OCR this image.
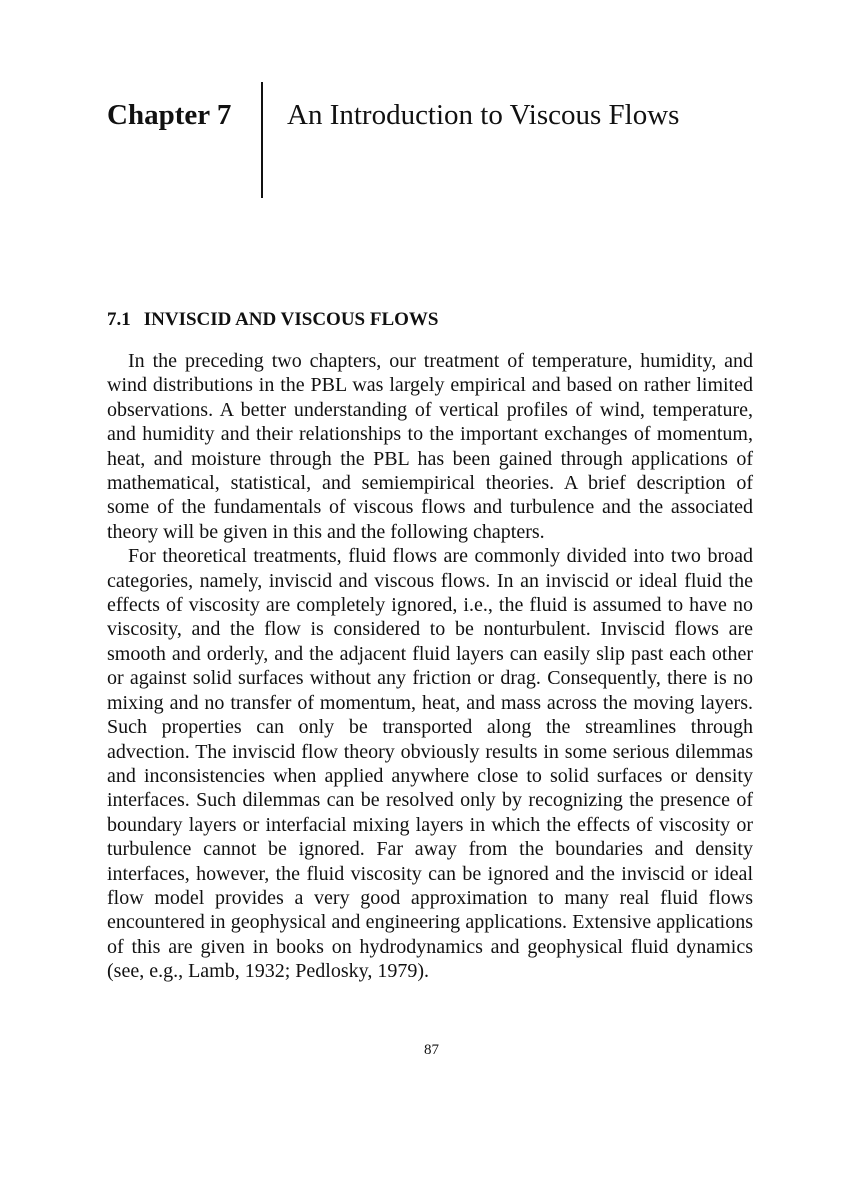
Chapter 7 An Introduction to Viscous Flows
7.1 INVISCID AND VISCOUS FLOWS

In the preceding two chapters, our treatment of temperature, humidity, and wind distributions in the PBL was largely empirical and based on rather limited observations. A better understanding of vertical profiles of wind, temperature, and humidity and their relationships to the important exchanges of momentum, heat, and moisture through the PBL has been gained through applications of mathematical, statistical, and semiempirical theories. A brief description of some of the fundamentals of viscous flows and turbulence and the associated theory will be given in this and the following chapters.

For theoretical treatments, fluid flows are commonly divided into two broad categories, namely, inviscid and viscous flows. In an inviscid or ideal fluid the effects of viscosity are completely ignored, i.e., the fluid is assumed to have no viscosity, and the flow is considered to be nonturbulent. Inviscid flows are smooth and orderly, and the adjacent fluid layers can easily slip past each other or against solid surfaces without any friction or drag. Consequently, there is no mixing and no transfer of momentum, heat, and mass across the moving layers. Such properties can only be transported along the streamlines through advection. The inviscid flow theory obviously results in some serious dilemmas and inconsistencies when applied anywhere close to solid surfaces or density interfaces. Such dilemmas can be resolved only by recognizing the presence of boundary layers or interfacial mixing layers in which the effects of viscosity or turbulence cannot be ignored. Far away from the boundaries and density interfaces, however, the fluid viscosity can be ignored and the inviscid or ideal flow model provides a very good approximation to many real fluid flows encountered in geophysical and engineering applications. Extensive applications of this are given in books on hydrodynamics and geophysical fluid dynamics (see, e.g., Lamb, 1932; Pedlosky, 1979).

87
